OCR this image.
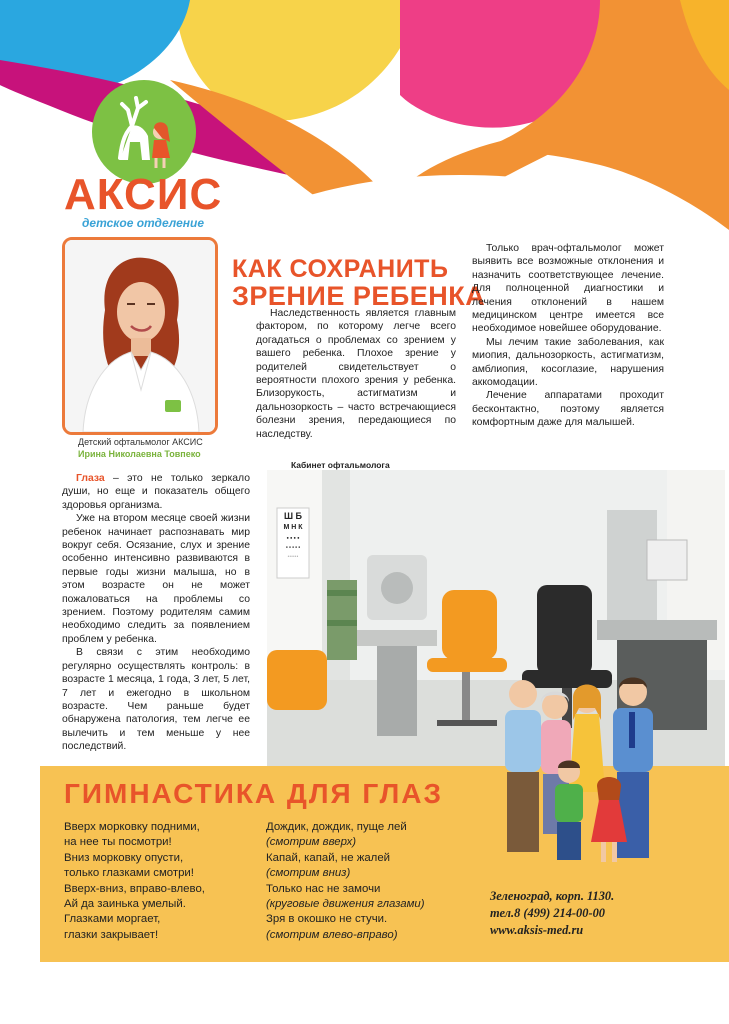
АКСИС
детское отделение
Детский офтальмолог АКСИС
Ирина Николаевна Товпеко
КАК СОХРАНИТЬ
ЗРЕНИЕ РЕБЕНКА

Наследственность является главным фактором, по которому легче всего догадаться о проблемах со зрением у вашего ребенка. Плохое зрение у родителей свидетельствует о вероятности плохого зрения у ребенка. Близорукость, астигматизм и дальнозоркость – часто встречающиеся болезни зрения, передающиеся по наследству.

Только врач-офтальмолог может выявить все возможные отклонения и назначить соответствующее лечение. Для полноценной диагностики и лечения отклонений в нашем медицинском центре имеется все необходимое новейшее оборудование.

Мы лечим такие заболевания, как миопия, дальнозоркость, астигматизм, амблиопия, косоглазие, нарушения аккомодации.

Лечение аппаратами проходит бесконтактно, поэтому является комфортным даже для малышей.

Глаза – это не только зеркало души, но еще и показатель общего здоровья организма.

Уже на втором месяце своей жизни ребенок начинает распознавать мир вокруг себя. Осязание, слух и зрение особенно интенсивно развиваются в первые годы жизни малыша, но в этом возрасте он не может пожаловаться на проблемы со зрением. Поэтому родителям самим необходимо следить за появлением проблем у ребенка.

В связи с этим необходимо регулярно осуществлять контроль: в возрасте 1 месяца, 1 года, 3 лет, 5 лет, 7 лет и ежегодно в школьном возрасте. Чем раньше будет обнаружена патология, тем легче ее вылечить и тем меньше у нее последствий.

Кабинет офтальмолога
Ш Б
М Н К
● ● ● ●
● ● ● ● ●
• • • • • •
ГИМНАСТИКА ДЛЯ ГЛАЗ
Вверх морковку подними,
на нее ты посмотри!
Вниз морковку опусти,
только глазками смотри!
Вверх-вниз, вправо-влево,
Ай да заинька умелый.
Глазками моргает,
глазки закрывает!
Дождик, дождик, пуще лей
(смотрим вверх)
Капай, капай, не жалей
(смотрим вниз)
Только нас не замочи
(круговые движения глазами)
Зря в окошко не стучи.
(смотрим влево-вправо)
Зеленоград, корп. 1130.
тел.8 (499) 214-00-00
www.aksis-med.ru
